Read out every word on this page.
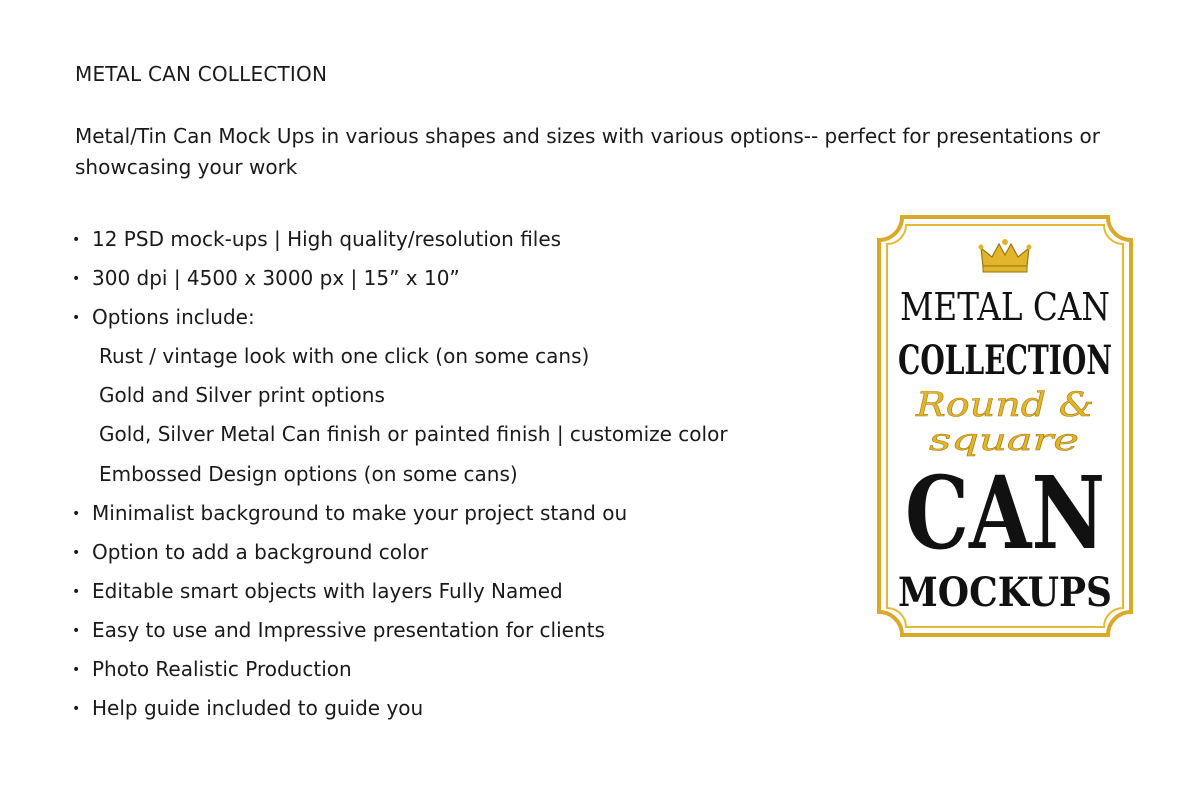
METAL CAN COLLECTION
Metal/Tin Can Mock Ups in various shapes and sizes with various options-- perfect for presentations or showcasing your work
• 12 PSD mock-ups | High quality/resolution files
• 300 dpi | 4500 x 3000 px | 15” x 10”
• Options include:
Rust / vintage look with one click (on some cans)
Gold and Silver print options
Gold, Silver Metal Can finish or painted finish | customize color
Embossed Design options (on some cans)
• Minimalist background to make your project stand ou
• Option to add a background color
• Editable smart objects with layers Fully Named
• Easy to use and Impressive presentation for clients
• Photo Realistic Production
• Help guide included to guide you
METAL CAN
COLLECTION
Round &
square
CAN
MOCKUPS
